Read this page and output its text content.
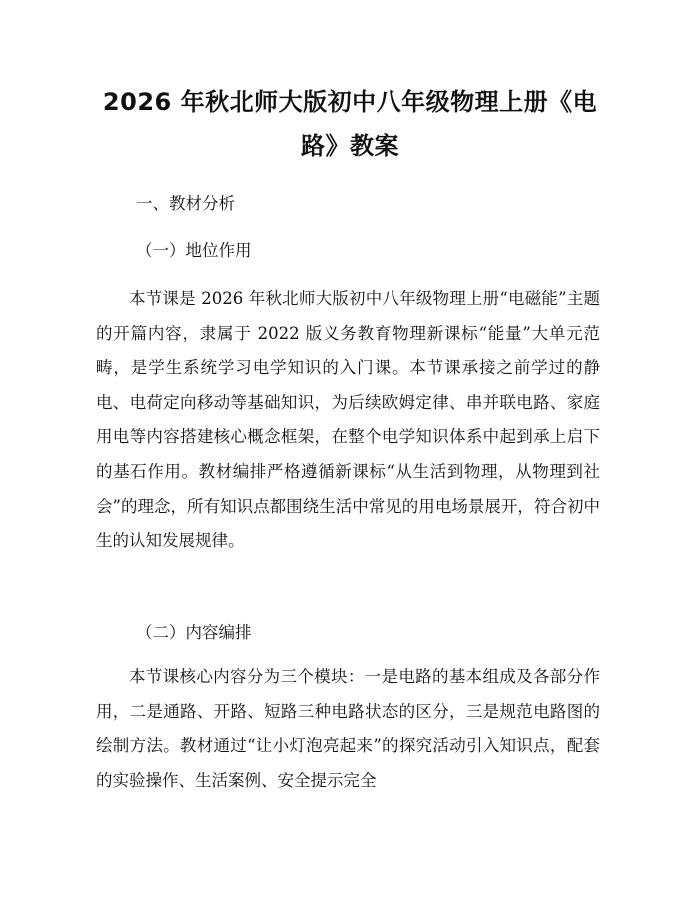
2026 年秋北师大版初中八年级物理上册《电
路》教案
一、教材分析
（一）地位作用

本节课是 2026 年秋北师大版初中八年级物理上册“电磁能”主题的开篇内容，隶属于 2022 版义务教育物理新课标“能量”大单元范畴，是学生系统学习电学知识的入门课。本节课承接之前学过的静电、电荷定向移动等基础知识，为后续欧姆定律、串并联电路、家庭用电等内容搭建核心概念框架，在整个电学知识体系中起到承上启下的基石作用。教材编排严格遵循新课标“从生活到物理，从物理到社会”的理念，所有知识点都围绕生活中常见的用电场景展开，符合初中生的认知发展规律。

（二）内容编排

本节课核心内容分为三个模块：一是电路的基本组成及各部分作用，二是通路、开路、短路三种电路状态的区分，三是规范电路图的绘制方法。教材通过“让小灯泡亮起来”的探究活动引入知识点，配套的实验操作、生活案例、安全提示完全
